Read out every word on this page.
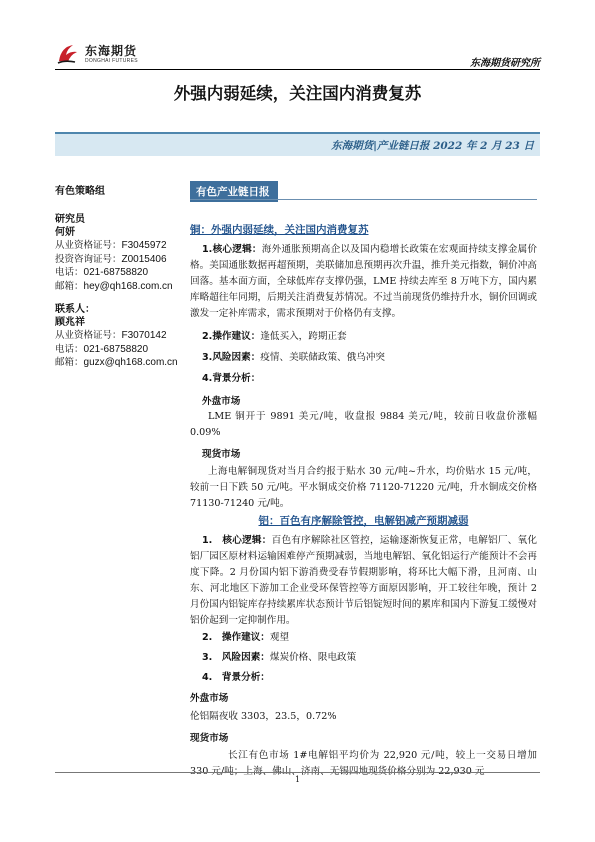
东海期货
DONGHAI FUTURES	东海期货研究所
外强内弱延续，关注国内消费复苏
东海期货|产业链日报 2022 年 2 月 23 日
有色策略组
研究员
何妍
从业资格证号：F3045972
投资咨询证号：Z0015406
电话：021-68758820
邮箱：hey@qh168.com.cn
联系人：
顾兆祥
从业资格证号：F3070142
电话：021-68758820
邮箱：guzx@qh168.com.cn
有色产业链日报
铜：外强内弱延续，关注国内消费复苏
1.核心逻辑：海外通胀预期高企以及国内稳增长政策在宏观面持续支撑金属价格。美国通胀数据再超预期，美联储加息预期再次升温，推升美元指数，铜价冲高回落。基本面方面，全球低库存支撑仍强，LME 持续去库至 8 万吨下方，国内累库略超往年同期，后期关注消费复苏情况。不过当前现货仍维持升水，铜价回调或激发一定补库需求，需求预期对于价格仍有支撑。
2.操作建议：逢低买入，跨期正套
3.风险因素：疫情、美联储政策、俄乌冲突
4.背景分析：
外盘市场
LME 铜开于 9891 美元/吨，收盘报 9884 美元/吨，较前日收盘价涨幅 0.09%
现货市场
上海电解铜现货对当月合约报于贴水 30 元/吨~升水，均价贴水 15 元/吨，较前一日下跌 50 元/吨。平水铜成交价格 71120-71220 元/吨，升水铜成交价格 71130-71240 元/吨。
铝：百色有序解除管控，电解铝减产预期减弱
1.　核心逻辑：百色有序解除社区管控，运输逐渐恢复正常，电解铝厂、氧化铝厂园区原材料运输困难停产预期减弱，当地电解铝、氧化铝运行产能预计不会再度下降。2 月份国内铝下游消费受春节假期影响，将环比大幅下滑，且河南、山东、河北地区下游加工企业受环保管控等方面原因影响，开工较往年晚，预计 2 月份国内铝锭库存持续累库状态预计节后铝锭短时间的累库和国内下游复工缓慢对铝价起到一定抑制作用。
2.　操作建议：观望
3.　风险因素：煤炭价格、限电政策
4.　背景分析：
外盘市场
伦铝隔夜收 3303，23.5，0.72%
现货市场
长江有色市场 1#电解铝平均价为 22,920 元/吨，较上一交易日增加 330 元/吨；上海、佛山、济南、无锡四地现货价格分别为 22,930 元
1
